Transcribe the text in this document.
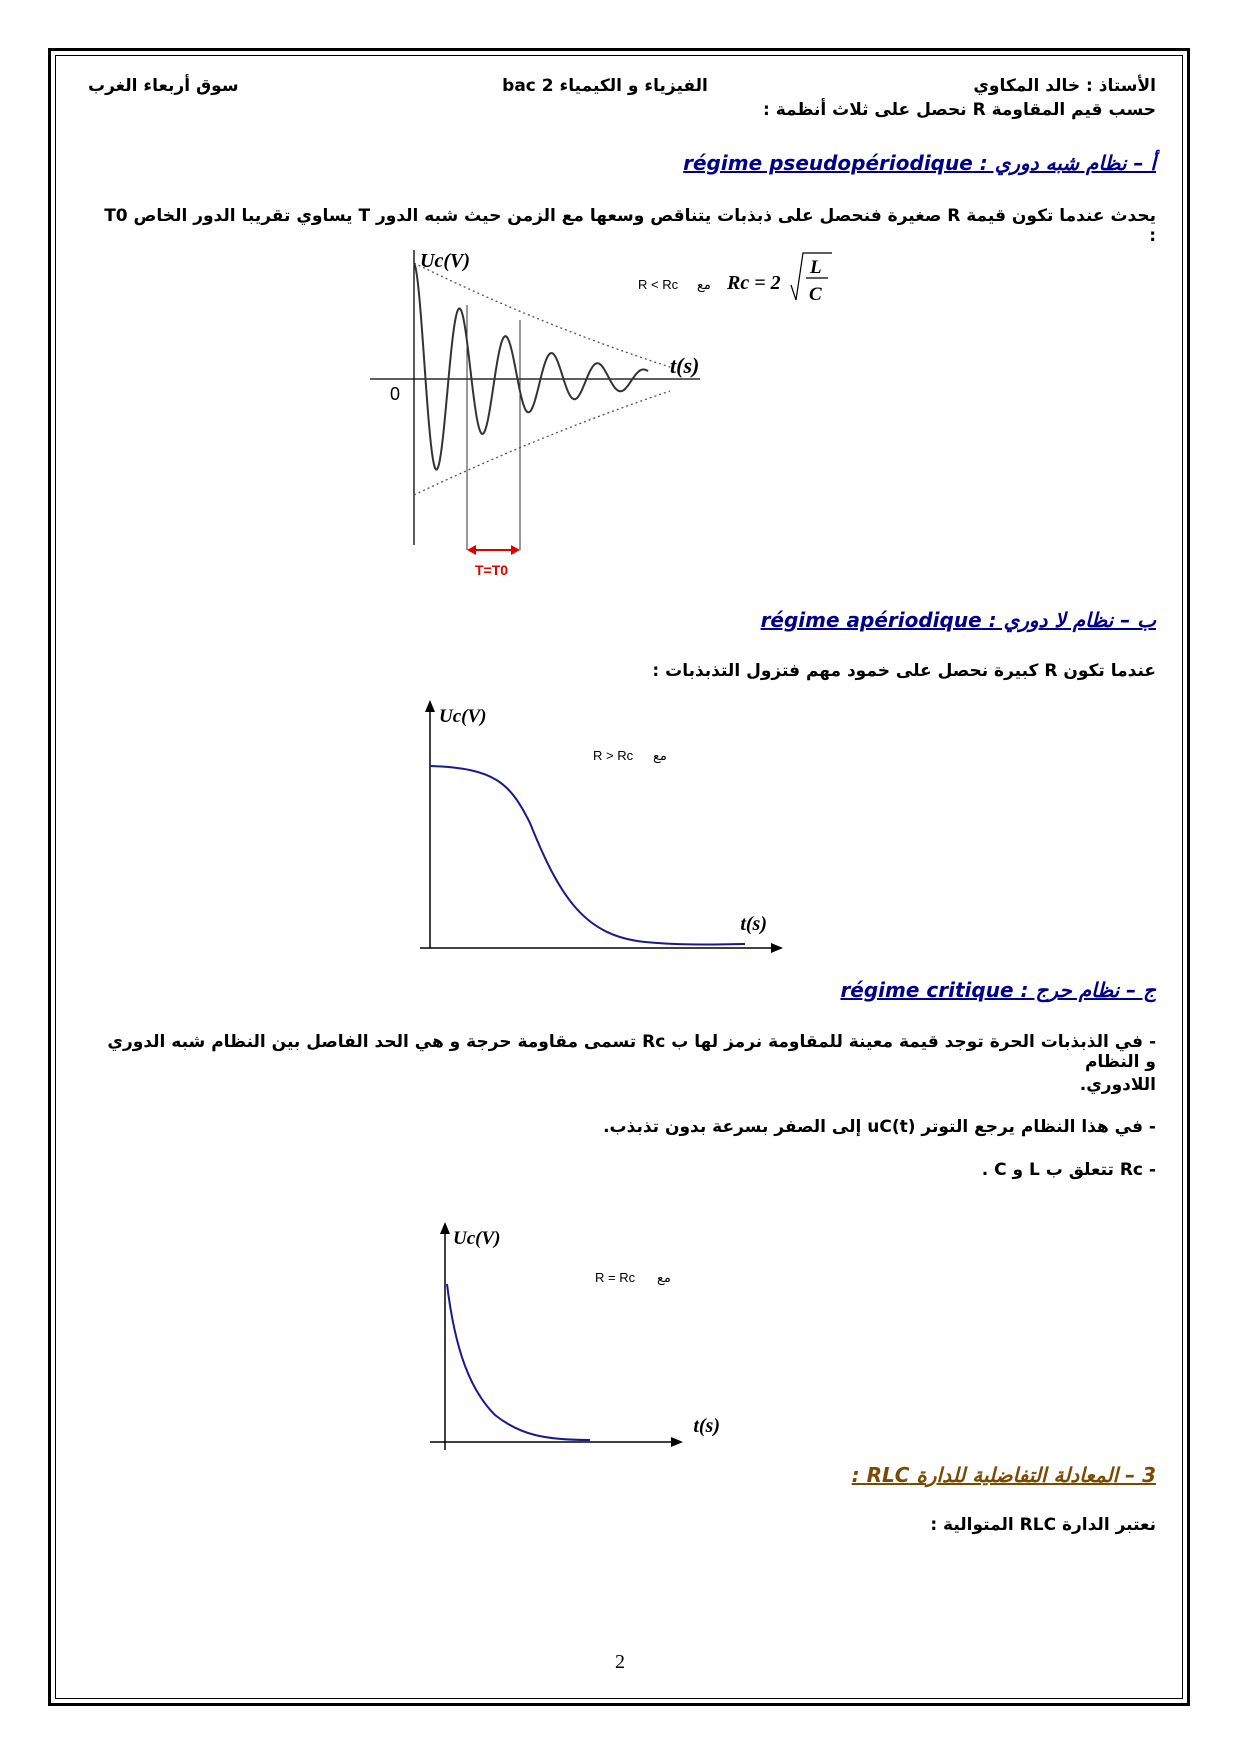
الأستاذ : خالد المكاوي
الفيزياء و الكيمياء 2 bac
سوق أربعاء الغرب
حسب قيم المقاومة R نحصل على ثلاث أنظمة :
أ – نظام شبه دوري : régime pseudopériodique
يحدث عندما تكون قيمة R صغيرة فنحصل على ذبذبات يتناقص وسعها مع الزمن حيث شبه الدور T يساوي تقريبا الدور الخاص T0 :
T=T0
Uc(V)
t(s)
0
R < Rc مع Rc = 2
L
C
ب – نظام لا دوري : régime apériodique
عندما تكون R كبيرة نحصل على خمود مهم فتزول التذبذبات :
Uc(V)
t(s)
R > Rc مع
ج – نظام حرج : régime critique
- في الذبذبات الحرة توجد قيمة معينة للمقاومة نرمز لها ب Rc تسمى مقاومة حرجة و هي الحد الفاصل بين النظام شبه الدوري و النظام
اللادوري.
- في هذا النظام يرجع التوتر uC(t) إلى الصفر بسرعة بدون تذبذب.
- Rc تتعلق ب L و C .
Uc(V)
t(s)
R = Rc مع
3 – المعادلة التفاضلية للدارة RLC :
نعتبر الدارة RLC المتوالية :
2
